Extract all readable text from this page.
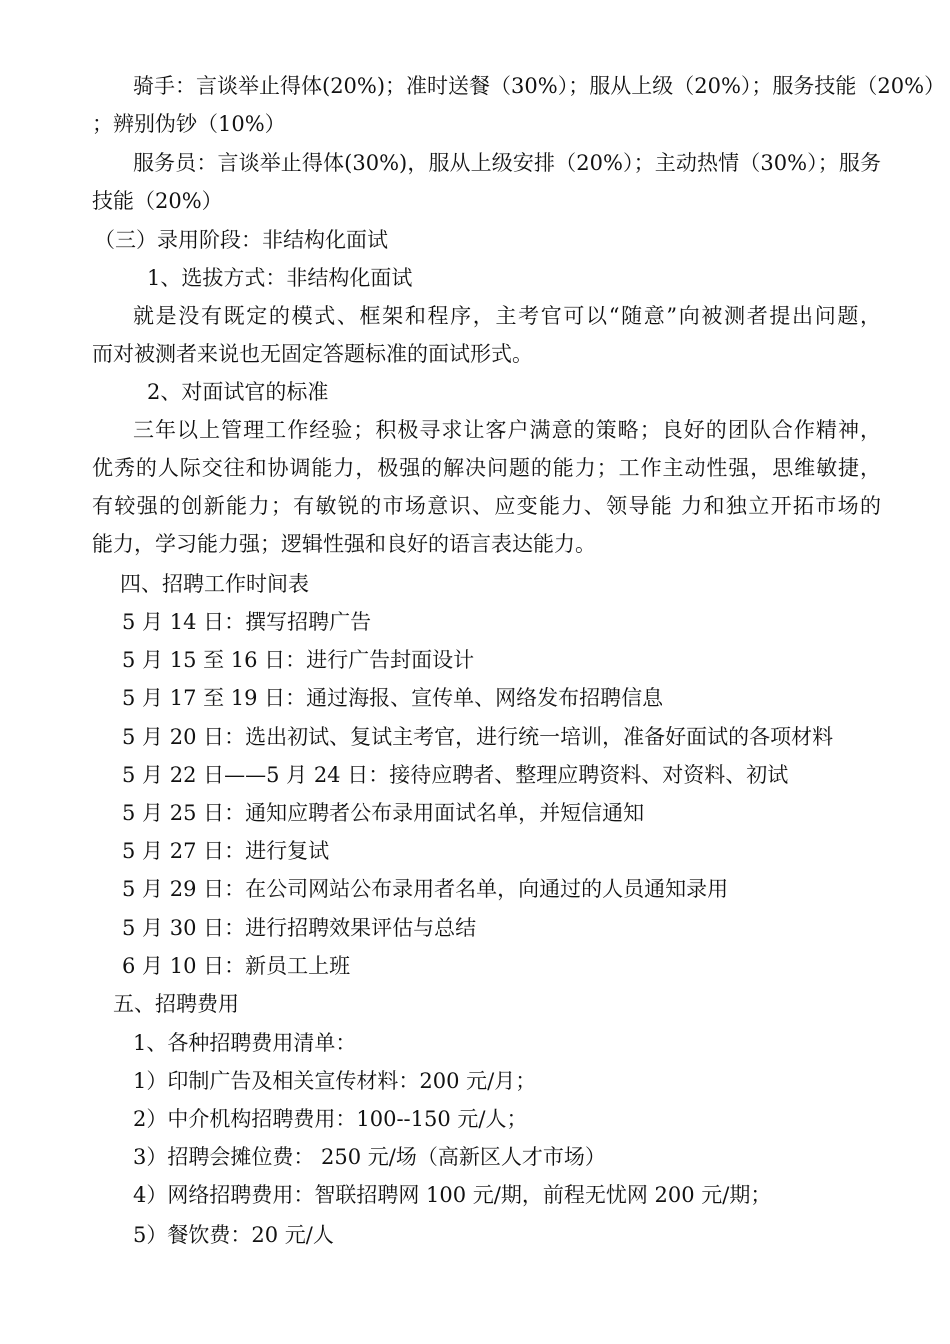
骑手：言谈举止得体(20%)；准时送餐（30%）；服从上级（20%）；服务技能（20%）
；辨别伪钞（10%）
服务员：言谈举止得体(30%)，服从上级安排（20%）；主动热情（30%）；服务
技能（20%）
（三）录用阶段：非结构化面试
1、选拔方式：非结构化面试
就是没有既定的模式、框架和程序，主考官可以“随意”向被测者提出问题，
而对被测者来说也无固定答题标准的面试形式。
2、对面试官的标准
三年以上管理工作经验；积极寻求让客户满意的策略；良好的团队合作精神，
优秀的人际交往和协调能力，极强的解决问题的能力；工作主动性强，思维敏捷，
有较强的创新能力；有敏锐的市场意识、应变能力、领导能 力和独立开拓市场的
能力，学习能力强；逻辑性强和良好的语言表达能力。
四、招聘工作时间表
5 月 14 日：撰写招聘广告
5 月 15 至 16 日：进行广告封面设计
5 月 17 至 19 日：通过海报、宣传单、网络发布招聘信息
5 月 20 日：选出初试、复试主考官，进行统一培训，准备好面试的各项材料
5 月 22 日——5 月 24 日：接待应聘者、整理应聘资料、对资料、初试
5 月 25 日：通知应聘者公布录用面试名单，并短信通知
5 月 27 日：进行复试
5 月 29 日：在公司网站公布录用者名单，向通过的人员通知录用
5 月 30 日：进行招聘效果评估与总结
6 月 10 日：新员工上班
五、招聘费用
1、各种招聘费用清单：
1）印制广告及相关宣传材料：200 元/月；
2）中介机构招聘费用：100--150 元/人；
3）招聘会摊位费： 250 元/场（高新区人才市场）
4）网络招聘费用：智联招聘网 100 元/期，前程无忧网 200 元/期；
5）餐饮费：20 元/人
